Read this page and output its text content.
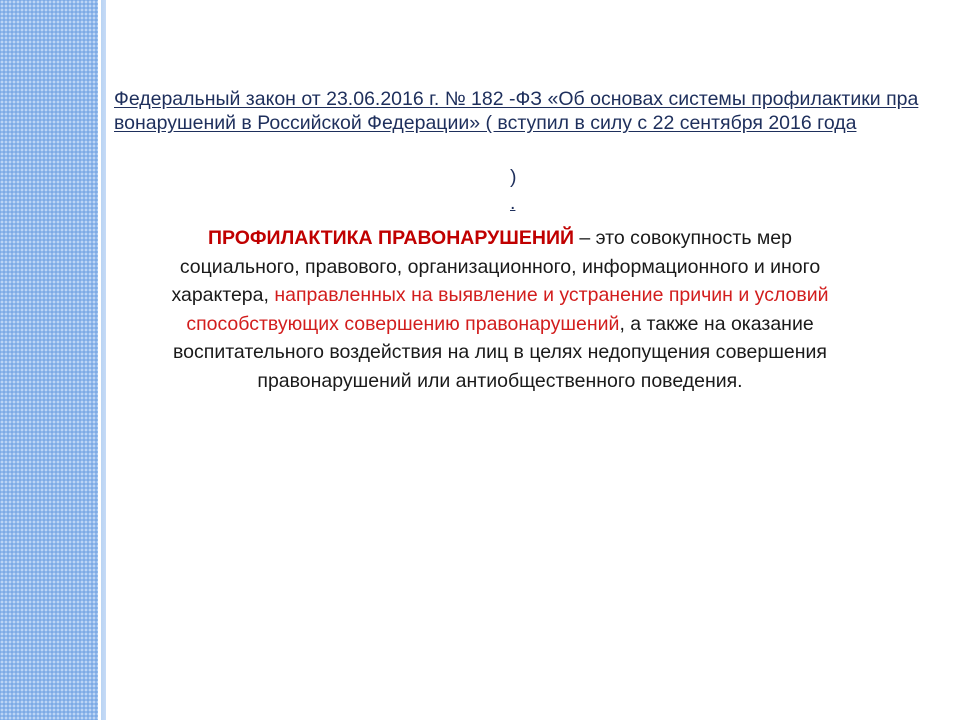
Федеральный закон от 23.06.2016 г. № 182 -ФЗ «Об основах системы профилактики правонарушений в Российской Федерации» ( вступил в силу с 22 сентября 2016 года
)
.
ПРОФИЛАКТИКА ПРАВОНАРУШЕНИЙ – это совокупность мер социального, правового, организационного, информационного и иного характера, направленных на выявление и устранение причин и условий способствующих совершению правонарушений, а также на оказание воспитательного воздействия на лиц в целях недопущения совершения правонарушений или антиобщественного поведения.
